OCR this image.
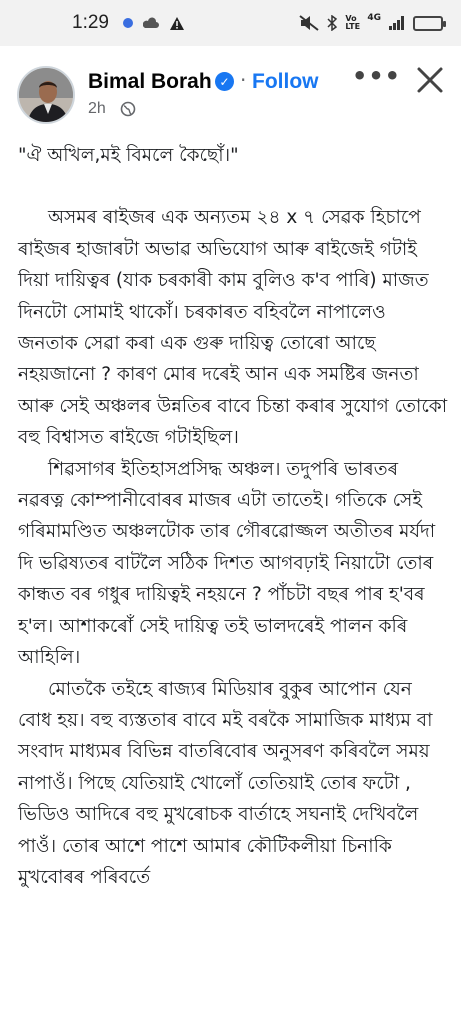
1:29	Vo LTE
4G
Bimal Borah ✓ · Follow
2h
•••

"ঐ অখিল,মই বিমলে কৈছোঁ।"

অসমৰ ৰাইজৰ এক অন্যতম ২৪ x ৭ সেৱক হিচাপে ৰাইজৰ হাজাৰটা অভাৱ অভিযোগ আৰু ৰাইজেই গটাই দিয়া দায়িত্বৰ (যাক চৰকাৰী কাম বুলিও ক'ব পাৰি) মাজত দিনটো সোমাই থাকোঁ। চৰকাৰত বহিবলৈ নাপালেও জনতাক সেৱা কৰা এক গুৰু দায়িত্ব তোৰো আছে নহয়জানো ? কাৰণ মোৰ দৰেই আন এক সমষ্টিৰ জনতা আৰু সেই অঞ্চলৰ উন্নতিৰ বাবে চিন্তা কৰাৰ সুযোগ তোকো বহু বিশ্বাসত ৰাইজে গটাইছিল।

শিৱসাগৰ ইতিহাসপ্ৰসিদ্ধ অঞ্চল। তদুপৰি ভাৰতৰ নৱৰত্ন কোম্পানীবোৰৰ মাজৰ এটা তাতেই। গতিকে সেই গৰিমামণ্ডিত অঞ্চলটোক তাৰ গৌৰৱোজ্জল অতীতৰ মৰ্যদা দি ভৱিষ্যতৰ বাটলৈ সঠিক দিশত আগবঢ়াই নিয়াটো তোৰ কান্ধত বৰ গধুৰ দায়িত্বই নহয়নে ? পাঁচটা বছৰ পাৰ হ'বৰ হ'ল। আশাকৰোঁ সেই দায়িত্ব তই ভালদৰেই পালন কৰি আহিলি।

মোতকৈ তইহে ৰাজ্যৰ মিডিয়াৰ বুকুৰ আপোন যেন বোধ হয়। বহু ব্যস্ততাৰ বাবে মই বৰকৈ সামাজিক মাধ্যম বা সংবাদ মাধ্যমৰ বিভিন্ন বাতৰিবোৰ অনুসৰণ কৰিবলৈ সময় নাপাওঁ। পিছে যেতিয়াই খোলোঁ তেতিয়াই তোৰ ফটো , ভিডিও আদিৰে বহু মুখৰোচক বাৰ্তাহে সঘনাই দেখিবলৈ পাওঁ। তোৰ আশে পাশে আমাৰ কৌটিকলীয়া চিনাকি মুখবোৰৰ পৰিবৰ্তে
